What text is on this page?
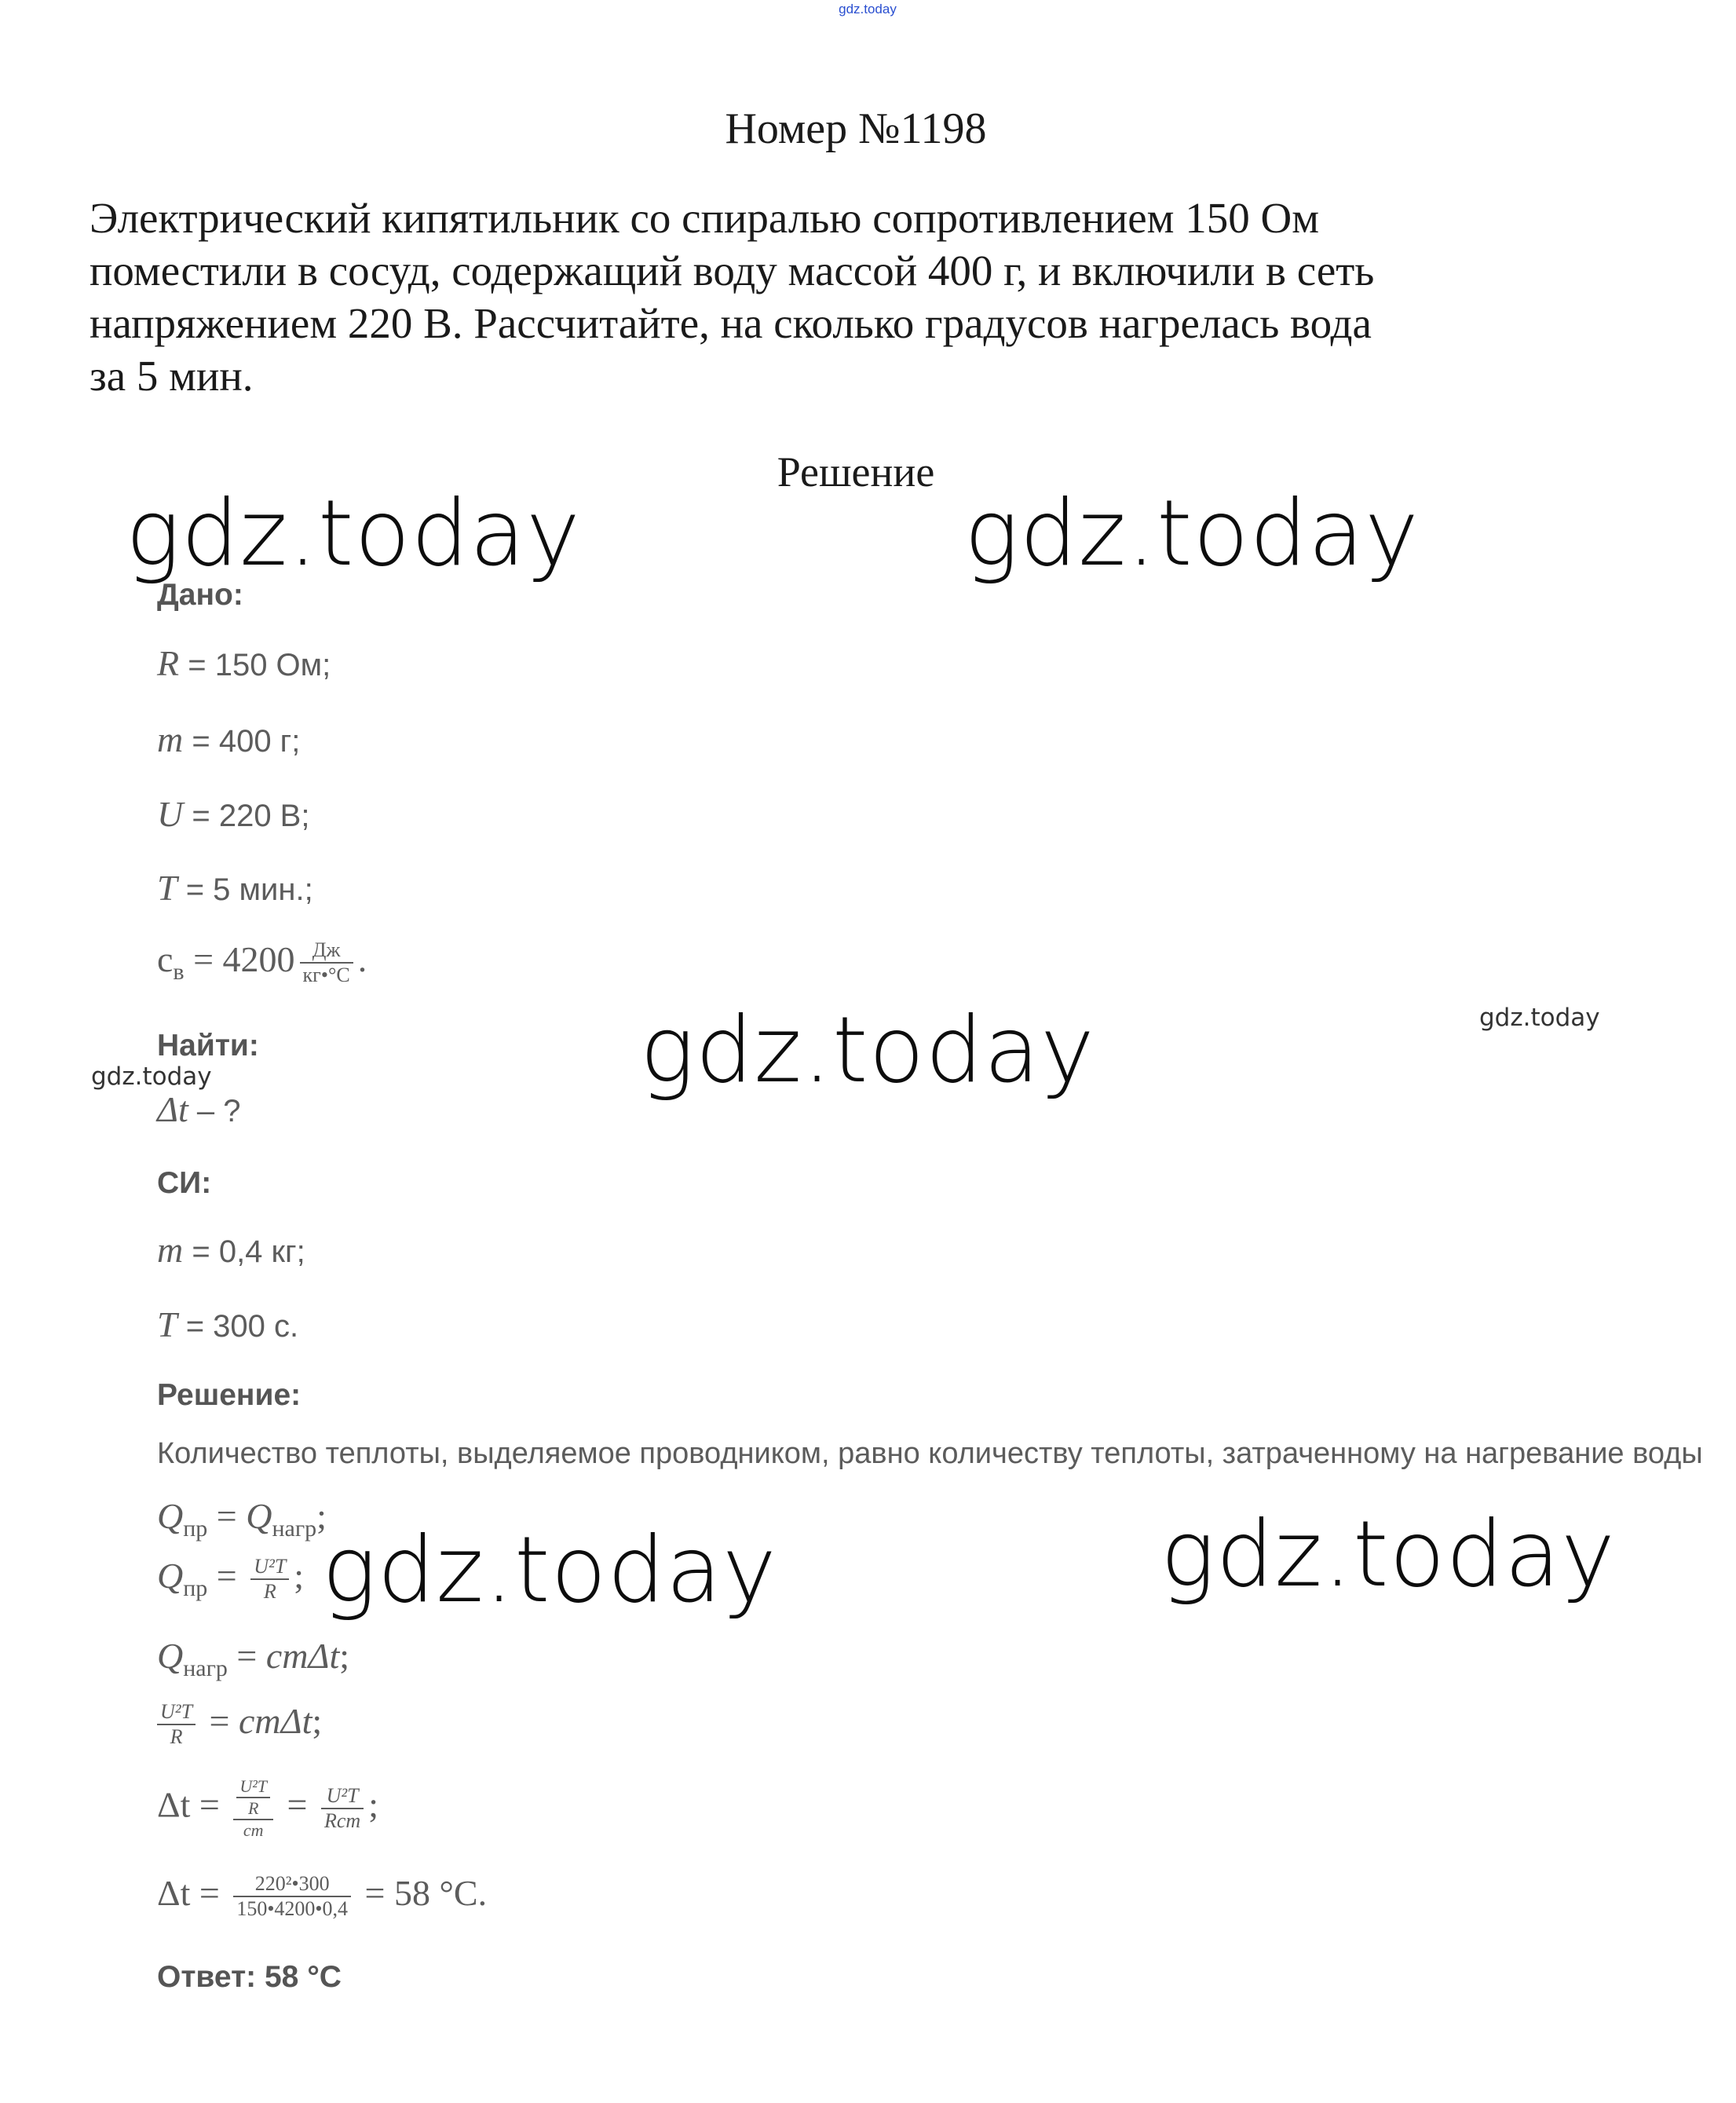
gdz.today
Номер №1198
Электрический кипятильник со спиралью сопротивлением 150 Ом
поместили в сосуд, содержащий воду массой 400 г, и включили в сеть
напряжением 220 В. Рассчитайте, на сколько градусов нагрелась вода
за 5 мин.
Решение
gdz.today	gdz.today
gdz.today
gdz.today	gdz.today
gdz.today
gdz.today
Дано:
R = 150 Ом;
m = 400 г;
U = 220 В;
T = 5 мин.;
$c_в = 4200 \frac{Дж}{кг•^\circ С}$ .
Найти:
Δt – ?
СИ:
m = 0,4 кг;
T = 300 с.
Решение:
Количество теплоты, выделяемое проводником, равно количеству теплоты, затраченному на нагревание воды
$Q_{пр} = Q_{нагр}$;
$Q_{пр} = \frac{\text{U²T}}{R}$ ;
$Q_{нагр} = cm\Delta t$;
$\frac{\text{U²T}}{R} = cm\Delta t$;
$\Delta t = \frac{\frac{\text{U²T}}{R}}{cm} = \frac{\text{U²T}}{\text{Rcm}}$ ;
$\Delta t = \frac{\text{220²•300}}{150•4200•0,4} = 58$ °С.
Ответ: 58 °С
